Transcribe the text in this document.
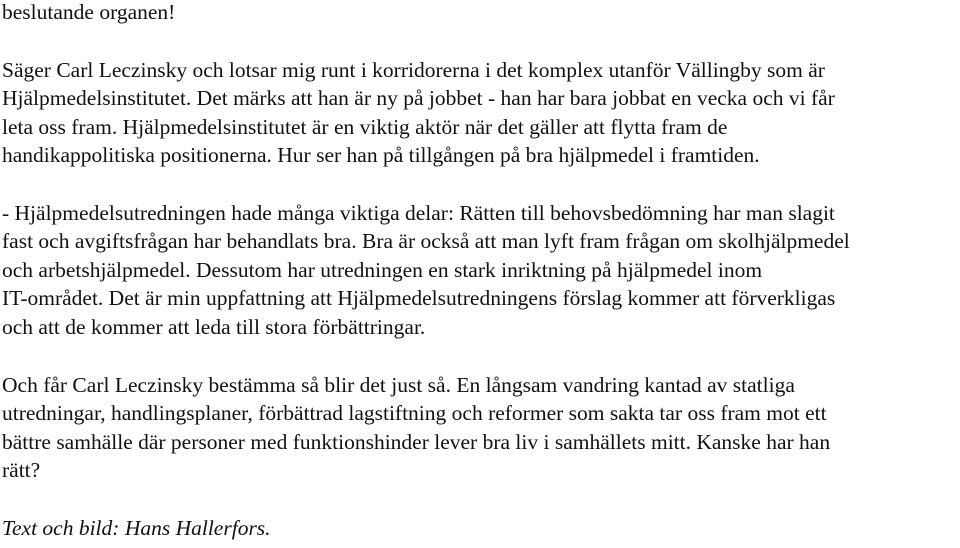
beslutande organen!
Säger Carl Leczinsky och lotsar mig runt i korridorerna i det komplex utanför Vällingby som är
Hjälpmedelsinstitutet. Det märks att han är ny på jobbet - han har bara jobbat en vecka och vi får
leta oss fram. Hjälpmedelsinstitutet är en viktig aktör när det gäller att flytta fram de
handikappolitiska positionerna. Hur ser han på tillgången på bra hjälpmedel i framtiden.
- Hjälpmedelsutredningen hade många viktiga delar: Rätten till behovsbedömning har man slagit
fast och avgiftsfrågan har behandlats bra. Bra är också att man lyft fram frågan om skolhjälpmedel
och arbetshjälpmedel. Dessutom har utredningen en stark inriktning på hjälpmedel inom
IT-området. Det är min uppfattning att Hjälpmedelsutredningens förslag kommer att förverkligas
och att de kommer att leda till stora förbättringar.
Och får Carl Leczinsky bestämma så blir det just så. En långsam vandring kantad av statliga
utredningar, handlingsplaner, förbättrad lagstiftning och reformer som sakta tar oss fram mot ett
bättre samhälle där personer med funktionshinder lever bra liv i samhällets mitt. Kanske har han
rätt?
Text och bild: Hans Hallerfors.
